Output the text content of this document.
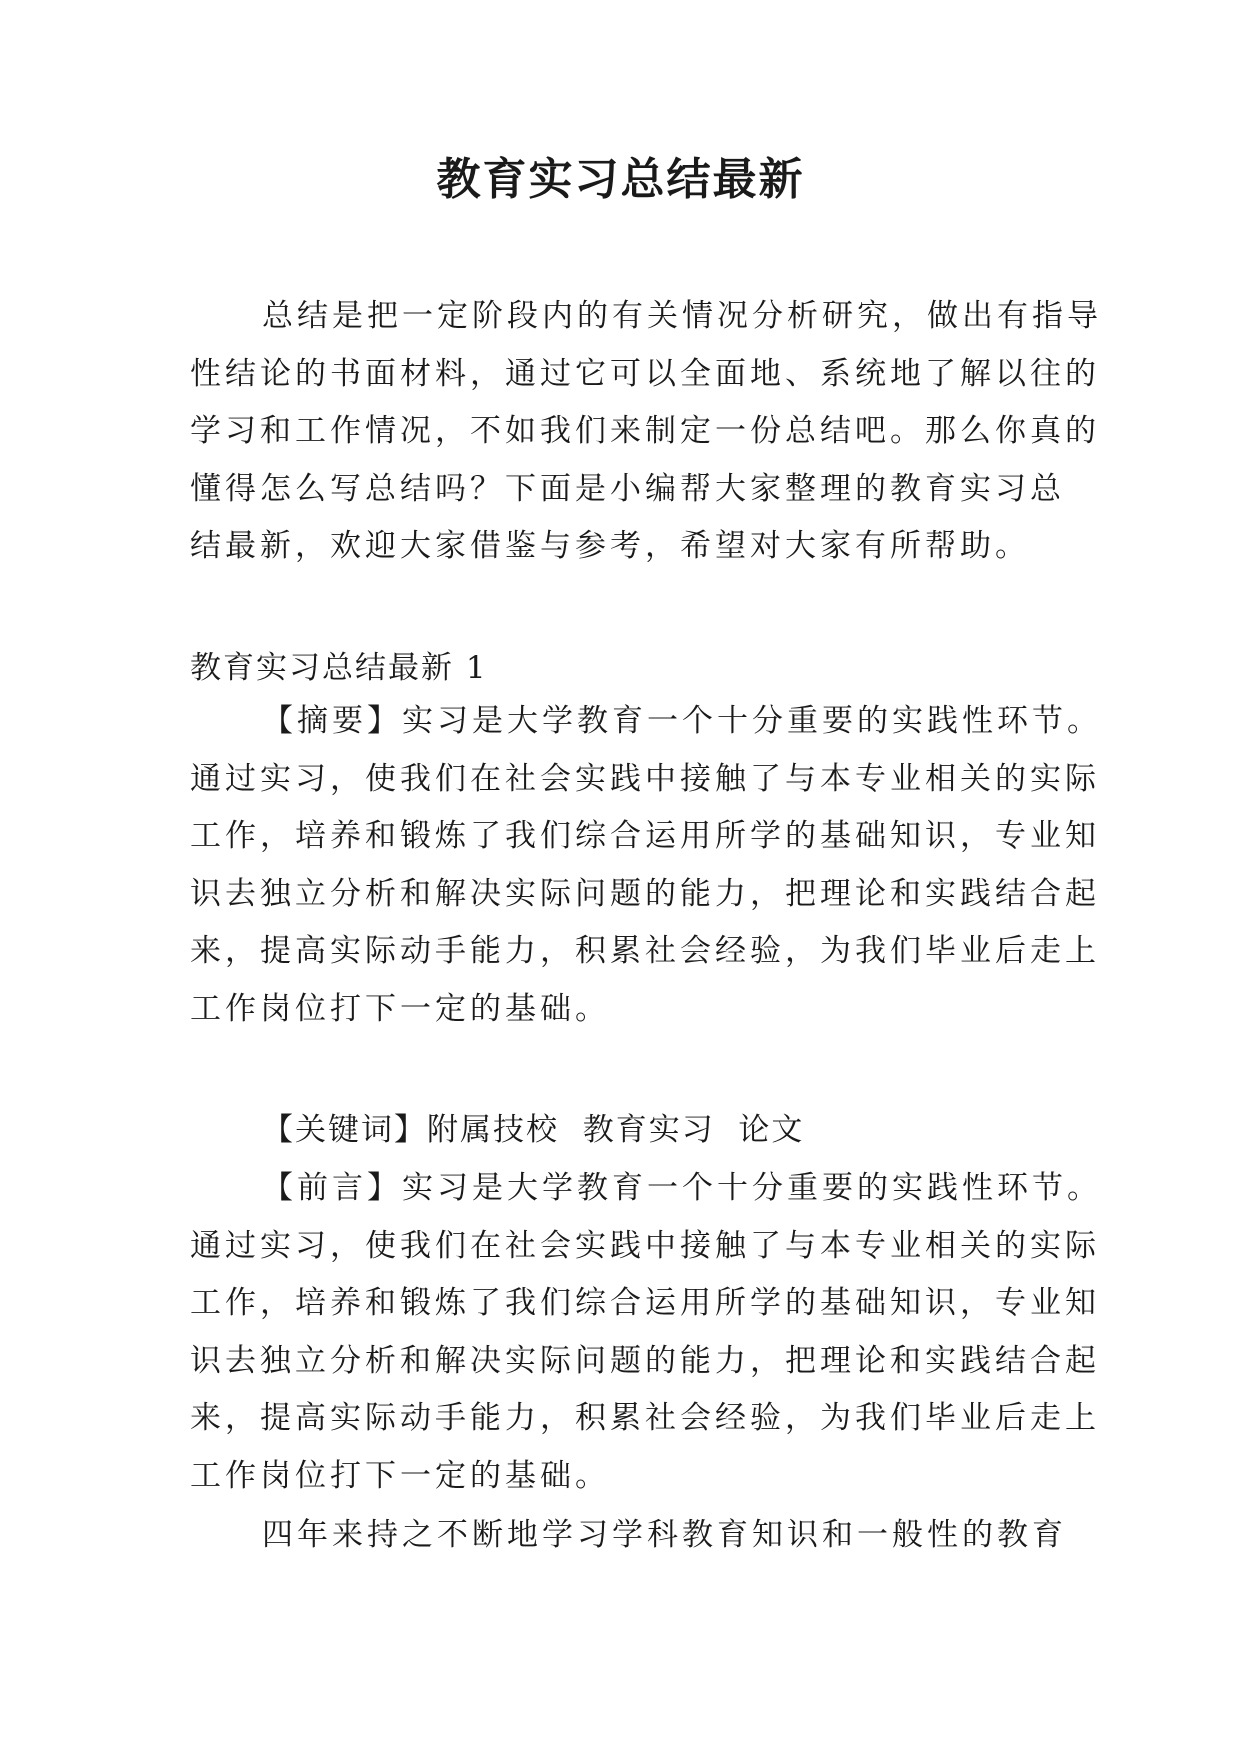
教育实习总结最新
总结是把一定阶段内的有关情况分析研究，做出有指导
性结论的书面材料，通过它可以全面地、系统地了解以往的
学习和工作情况，不如我们来制定一份总结吧。那么你真的
懂得怎么写总结吗？下面是小编帮大家整理的教育实习总
结最新，欢迎大家借鉴与参考，希望对大家有所帮助。
教育实习总结最新 1
【摘要】实习是大学教育一个十分重要的实践性环节。
通过实习，使我们在社会实践中接触了与本专业相关的实际
工作，培养和锻炼了我们综合运用所学的基础知识，专业知
识去独立分析和解决实际问题的能力，把理论和实践结合起
来，提高实际动手能力，积累社会经验，为我们毕业后走上
工作岗位打下一定的基础。
【关键词】附属技校  教育实习  论文
【前言】实习是大学教育一个十分重要的实践性环节。
通过实习，使我们在社会实践中接触了与本专业相关的实际
工作，培养和锻炼了我们综合运用所学的基础知识，专业知
识去独立分析和解决实际问题的能力，把理论和实践结合起
来，提高实际动手能力，积累社会经验，为我们毕业后走上
工作岗位打下一定的基础。
四年来持之不断地学习学科教育知识和一般性的教育
